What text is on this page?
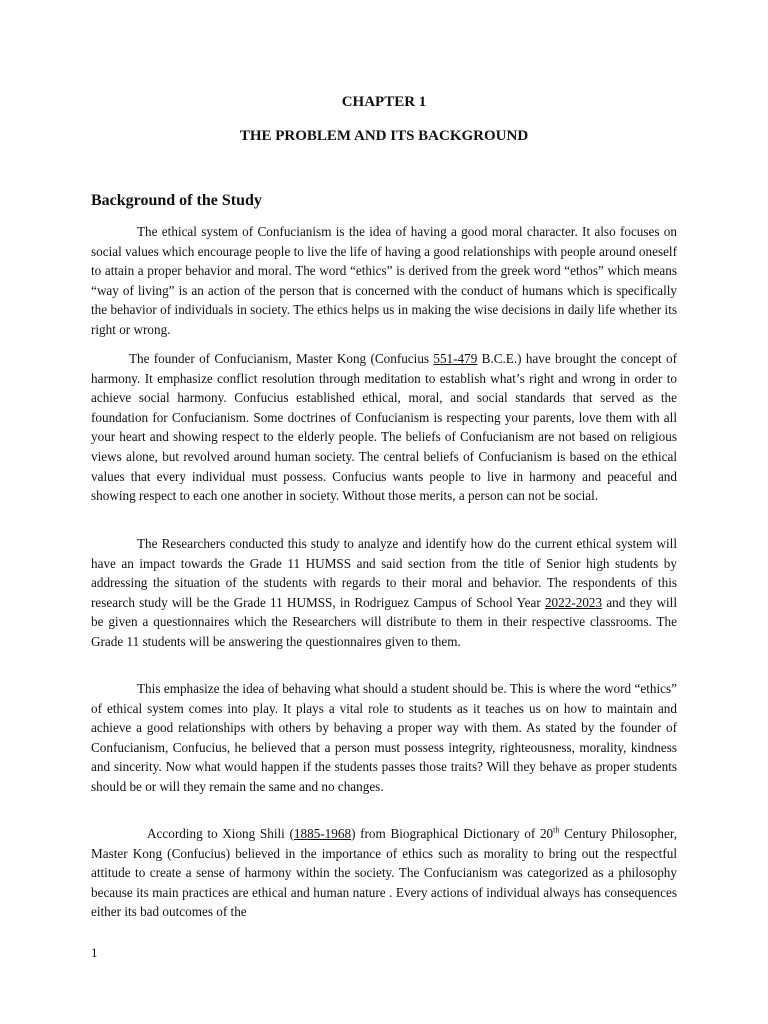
CHAPTER 1
THE PROBLEM AND ITS BACKGROUND
Background of the Study

The ethical system of Confucianism is the idea of having a good moral character. It also focuses on social values which encourage people to live the life of having a good relationships with people around oneself to attain a proper behavior and moral. The word “ethics” is derived from the greek word “ethos” which means “way of living” is an action of the person that is concerned with the conduct of humans which is specifically the behavior of individuals in society. The ethics helps us in making the wise decisions in daily life whether its right or wrong.

The founder of Confucianism, Master Kong (Confucius 551-479 B.C.E.) have brought the concept of harmony. It emphasize conflict resolution through meditation to establish what’s right and wrong in order to achieve social harmony. Confucius established ethical, moral, and social standards that served as the foundation for Confucianism. Some doctrines of Confucianism is respecting your parents, love them with all your heart and showing respect to the elderly people. The beliefs of Confucianism are not based on religious views alone, but revolved around human society. The central beliefs of Confucianism is based on the ethical values that every individual must possess. Confucius wants people to live in harmony and peaceful and showing respect to each one another in society. Without those merits, a person can not be social.

The Researchers conducted this study to analyze and identify how do the current ethical system will have an impact towards the Grade 11 HUMSS and said section from the title of Senior high students by addressing the situation of the students with regards to their moral and behavior. The respondents of this research study will be the Grade 11 HUMSS, in Rodriguez Campus of School Year 2022-2023 and they will be given a questionnaires which the Researchers will distribute to them in their respective classrooms. The Grade 11 students will be answering the questionnaires given to them.

This emphasize the idea of behaving what should a student should be. This is where the word “ethics” of ethical system comes into play. It plays a vital role to students as it teaches us on how to maintain and achieve a good relationships with others by behaving a proper way with them. As stated by the founder of Confucianism, Confucius, he believed that a person must possess integrity, righteousness, morality, kindness and sincerity. Now what would happen if the students passes those traits? Will they behave as proper students should be or will they remain the same and no changes.

According to Xiong Shili (1885-1968) from Biographical Dictionary of 20th Century Philosopher, Master Kong (Confucius) believed in the importance of ethics such as morality to bring out the respectful attitude to create a sense of harmony within the society. The Confucianism was categorized as a philosophy because its main practices are ethical and human nature . Every actions of individual always has consequences either its bad outcomes of the

1
